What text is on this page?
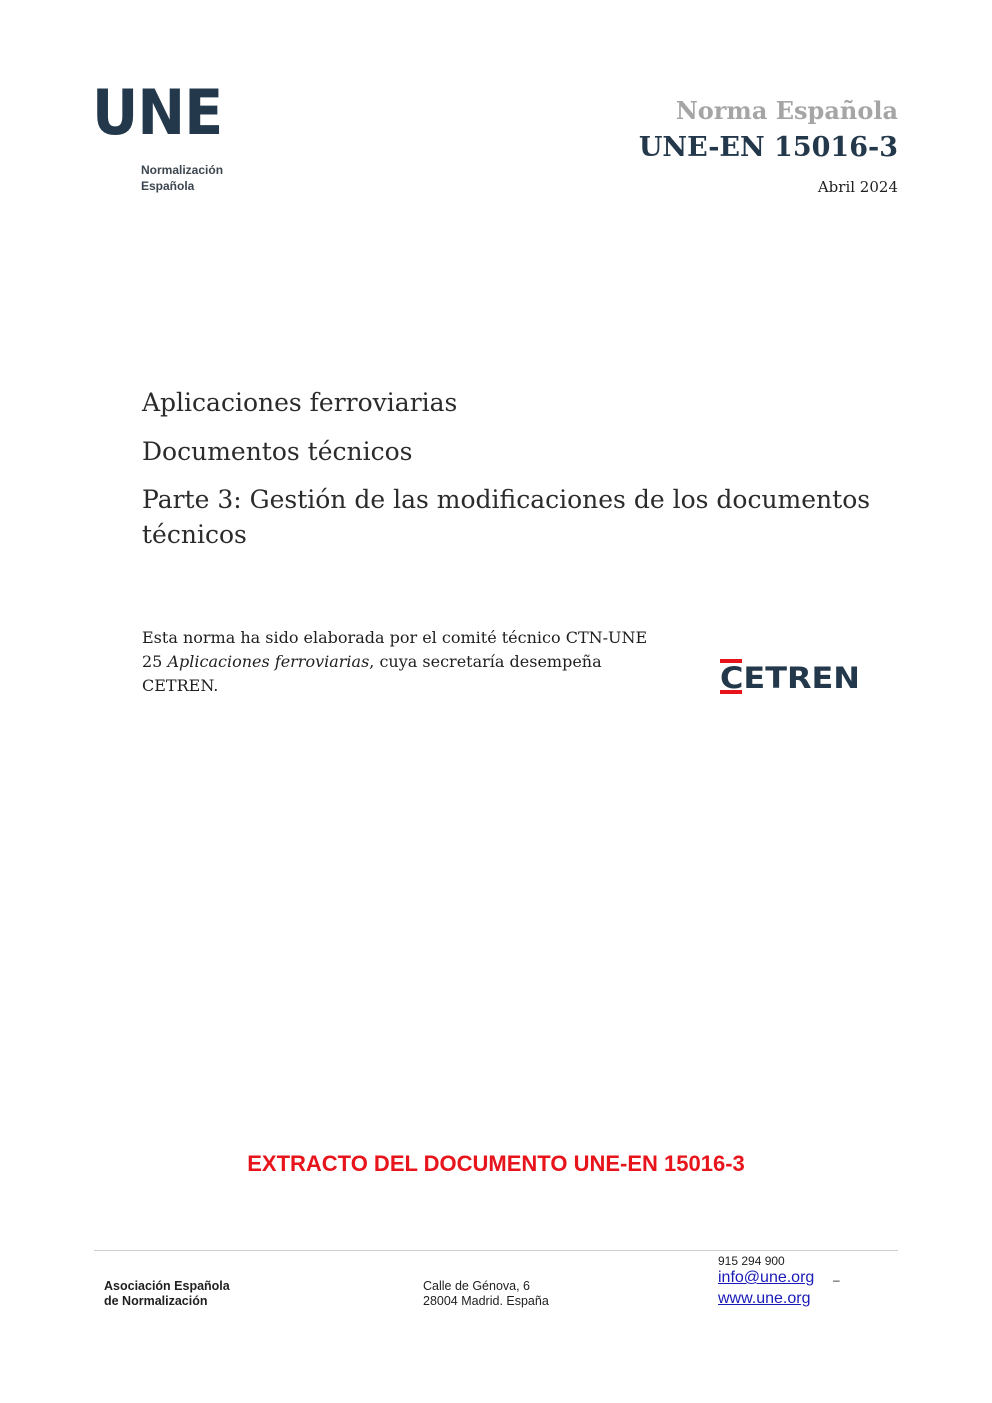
UNE
Normalización
Española
Norma Española
UNE-EN 15016-3
Abril 2024
Aplicaciones ferroviarias
Documentos técnicos
Parte 3: Gestión de las modificaciones de los documentos técnicos
Esta norma ha sido elaborada por el comité técnico CTN-UNE 25 Aplicaciones ferroviarias, cuya secretaría desempeña CETREN.	CETREN
EXTRACTO DEL DOCUMENTO UNE-EN 15016-3
Asociación Española
de Normalización
Calle de Génova, 6
28004 Madrid. España
915 294 900
info@une.org –
www.une.org
